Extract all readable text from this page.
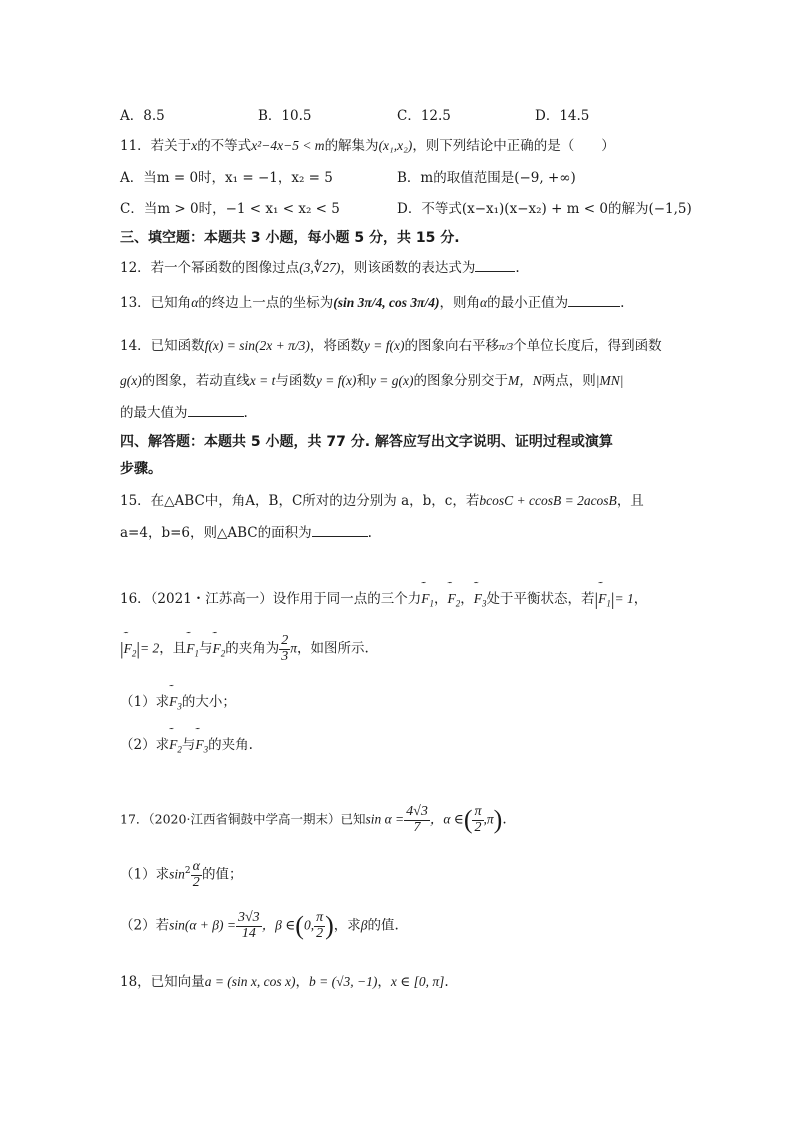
A．8.5	B．10.5	C．12.5	D．14.5
11．若关于x的不等式x²−4x−5 < m的解集为(x₁,x₂)，则下列结论中正确的是（　　）
A．当m = 0时，x₁ = −1，x₂ = 5	B．m的取值范围是(−9, +∞)
C．当m > 0时，−1 < x₁ < x₂ < 5	D．不等式(x−x₁)(x−x₂) + m < 0的解为(−1,5)
三、填空题：本题共 3 小题，每小题 5 分，共 15 分.
12．若一个幂函数的图像过点(3,∜27)，则该函数的表达式为	.
13．已知角α的终边上一点的坐标为(sin 3π/4, cos 3π/4)，则角α的最小正值为	.
14．已知函数f(x) = sin(2x + π/3)，将函数y = f(x)的图象向右平移π/3个单位长度后，得到函数
g(x)的图象，若动直线x = t与函数y = f(x)和y = g(x)的图象分别交于M，N两点，则|MN|
的最大值为	.
四、解答题：本题共 5 小题，共 77 分. 解答应写出文字说明、证明过程或演算
步骤。
15．在△ABC中，角A，B，C所对的边分别为 a，b，c，若bcosC + ccosB = 2acosB，且
a=4，b=6，则△ABC的面积为	.
16．（2021・江苏高一）设作用于同一点的三个力˜˜ $F_1$，˜˜ $F_2$，˜˜ $F_3$处于平衡状态，若|˜˜ $F_1|= 1$，
|˜˜ $F_2|= 2$，且˜˜ $F_1$与˜˜ $F_2$的夹角为 $\frac{2}{3}$ π，如图所示.
（1）求˜˜ $F_3$的大小；
（2）求˜˜ $F_2$与˜˜ $F_3$的夹角.
17．（2020·江西省铜鼓中学高一期末）已知$\sin \alpha = \frac{4√3}{7}$ ，α ∈( $\frac{\pi}{2} ,\pi$).
（1）求$\sin^2 \frac{\alpha}{2}$ 的值；
（2）若$\sin(\alpha + \beta) = \frac{3√3}{14}$ ，β ∈(0, $\frac{\pi}{2}$ )，求β的值.
18，已知向量a = (sin x, cos x)，b = (√3, −1)，x ∈ [0, π].
